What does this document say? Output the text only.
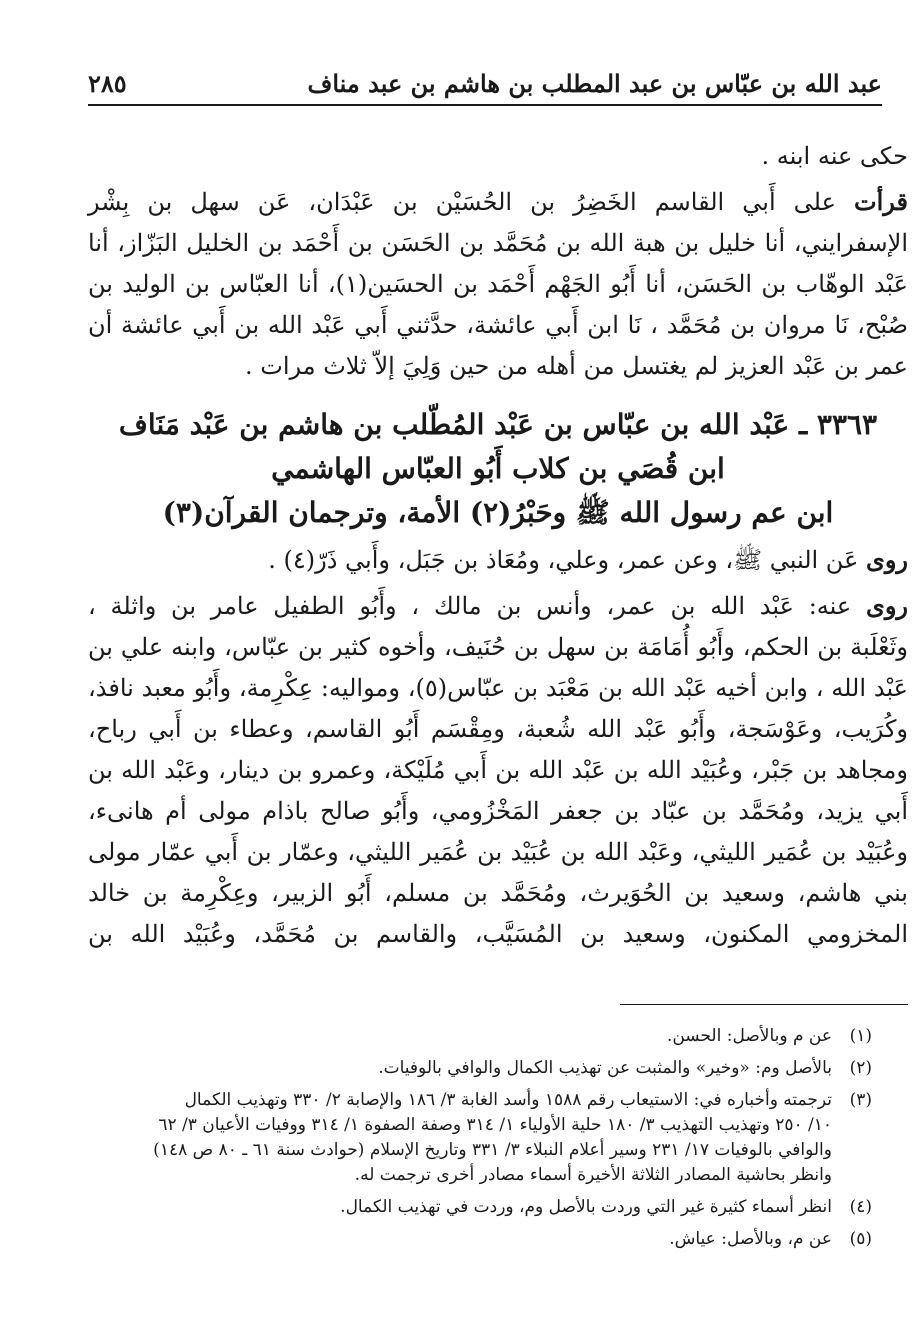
عبد الله بن عبّاس بن عبد المطلب بن هاشم بن عبد مناف
٢٨٥
حكى عنه ابنه .
قرأت على أَبي القاسم الخَضِرُ بن الحُسَيْن بن عَبْدَان، عَن سهل بن بِشْر
الإسفرايني، أنا خليل بن هبة الله بن مُحَمَّد بن الحَسَن بن أَحْمَد بن الخليل البَزّاز، أنا
عَبْد الوهّاب بن الحَسَن، أنا أَبُو الجَهْم أَحْمَد بن الحسَين(١)، أنا العبّاس بن الوليد بن
صُبْح، نَا مروان بن مُحَمَّد ، نَا ابن أَبي عائشة، حدَّثني أَبي عَبْد الله بن أَبي عائشة أن
عمر بن عَبْد العزيز لم يغتسل من أهله من حين وَلِيَ إلاّ ثلاث مرات .
٣٣٦٣ ـ عَبْد الله بن عبّاس بن عَبْد المُطّلب بن هاشم بن عَبْد مَنَاف
ابن قُصَي بن كلاب أَبُو العبّاس الهاشمي
ابن عم رسول الله ﷺ وحَبْرُ(٢) الأمة، وترجمان القرآن(٣)
روى عَن النبي ﷺ، وعن عمر، وعلي، ومُعَاذ بن جَبَل، وأَبي ذَرّ(٤) .
روى عنه: عَبْد الله بن عمر، وأنس بن مالك ، وأَبُو الطفيل عامر بن واثلة ،
وثَعْلَبة بن الحكم، وأَبُو أُمَامَة بن سهل بن حُنَيف، وأخوه كثير بن عبّاس، وابنه علي بن
عَبْد الله ، وابن أخيه عَبْد الله بن مَعْبَد بن عبّاس(٥)، ومواليه: عِكْرِمة، وأَبُو معبد نافذ،
وكُرَيب، وعَوْسَجة، وأَبُو عَبْد الله شُعبة، ومِقْسَم أَبُو القاسم، وعطاء بن أَبي رباح،
ومجاهد بن جَبْر، وعُبَيْد الله بن عَبْد الله بن أَبي مُلَيْكة، وعمرو بن دينار، وعَبْد الله بن
أَبي يزيد، ومُحَمَّد بن عبّاد بن جعفر المَخْزُومي، وأَبُو صالح باذام مولى أم هانىء،
وعُبَيْد بن عُمَير الليثي، وعَبْد الله بن عُبَيْد بن عُمَير الليثي، وعمّار بن أَبي عمّار مولى
بني هاشم، وسعيد بن الحُوَيرث، ومُحَمَّد بن مسلم، أَبُو الزبير، وعِكْرِمة بن خالد
المخزومي المكنون، وسعيد بن المُسَيَّب، والقاسم بن مُحَمَّد، وعُبَيْد الله بن
(١)
عن م وبالأصل: الحسن.
(٢)
بالأصل وم: «وخير» والمثبت عن تهذيب الكمال والوافي بالوفيات.
(٣)
ترجمته وأخباره في: الاستيعاب رقم ١٥٨٨ وأسد الغابة ٣/ ١٨٦ والإصابة ٢/ ٣٣٠ وتهذيب الكمال
١٠/ ٢٥٠ وتهذيب التهذيب ٣/ ١٨٠ حلية الأولياء ١/ ٣١٤ وصفة الصفوة ١/ ٣١٤ ووفيات الأعيان ٣/ ٦٢
والوافي بالوفيات ١٧/ ٢٣١ وسير أعلام النبلاء ٣/ ٣٣١ وتاريخ الإسلام (حوادث سنة ٦١ ـ ٨٠ ص ١٤٨)
وانظر بحاشية المصادر الثلاثة الأخيرة أسماء مصادر أخرى ترجمت له.
(٤)
انظر أسماء كثيرة غير التي وردت بالأصل وم، وردت في تهذيب الكمال.
(٥)
عن م، وبالأصل: عياش.
